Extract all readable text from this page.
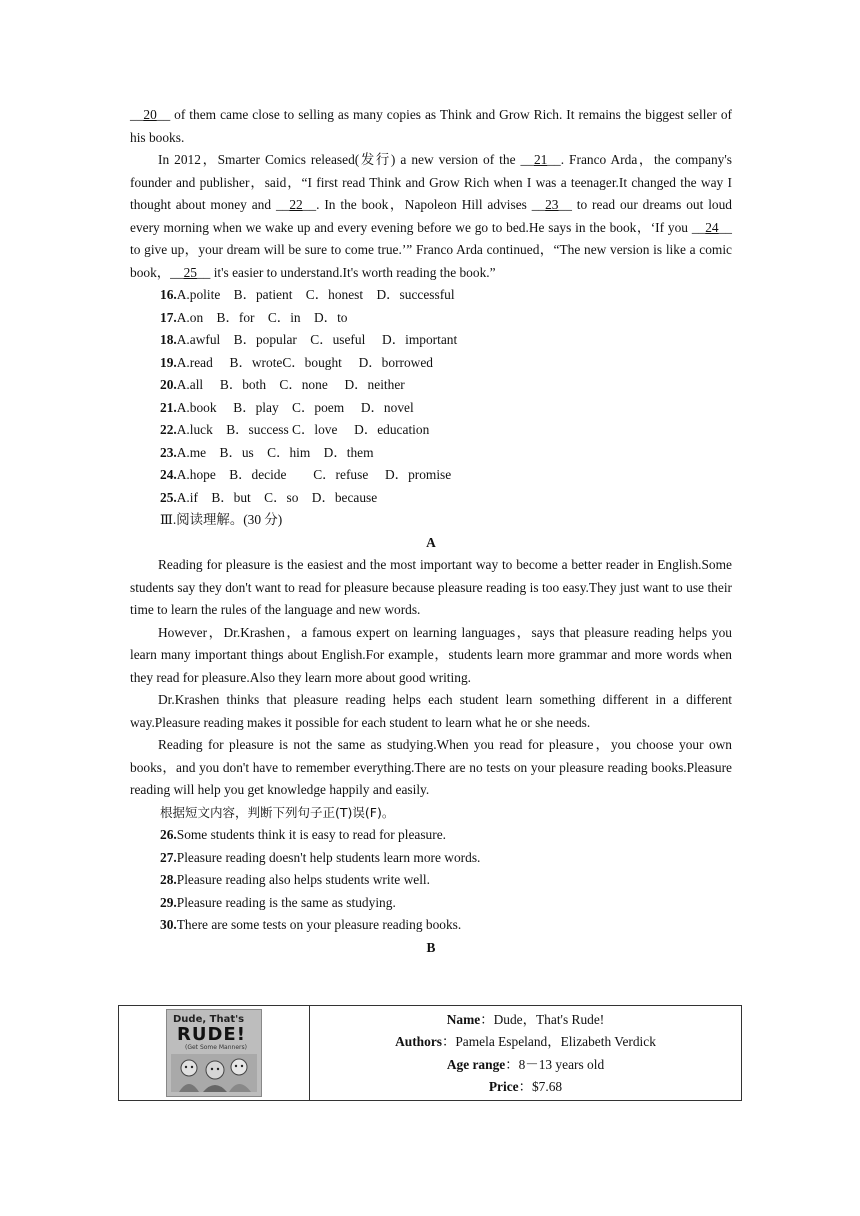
__20__ of them came close to selling as many copies as Think and Grow Rich. It remains the biggest seller of his books.

In 2012，Smarter Comics released(发行) a new version of the __21__. Franco Arda，the company's founder and publisher，said，“I first read Think and Grow Rich when I was a teenager.It changed the way I thought about money and __22__. In the book，Napoleon Hill advises __23__ to read our dreams out loud every morning when we wake up and every evening before we go to bed.He says in the book，‘If you __24__ to give up，your dream will be sure to come true.’” Franco Arda continued，“The new version is like a comic book，__25__ it's easier to understand.It's worth reading the book.”

16.A.polite　B．patient　C．honest　D．successful
17.A.on　B．for　C．in　D．to
18.A.awful　B．popular　C．useful　 D．important
19.A.read　 B．wroteC．bought　 D．borrowed
20.A.all　 B．both　C．none　 D．neither
21.A.book　 B．play　C．poem　 D．novel
22.A.luck　B．success C．love　 D．education
23.A.me　B．us　C．him　D．them
24.A.hope　B．decide　　C．refuse　 D．promise
25.A.if　B．but　C．so　D．because

Ⅲ.阅读理解。(30 分)

A

Reading for pleasure is the easiest and the most important way to become a better reader in English.Some students say they don't want to read for pleasure because pleasure reading is too easy.They just want to use their time to learn the rules of the language and new words.

However，Dr.Krashen，a famous expert on learning languages，says that pleasure reading helps you learn many important things about English.For example，students learn more grammar and more words when they read for pleasure.Also they learn more about good writing.

Dr.Krashen thinks that pleasure reading helps each student learn something different in a different way.Pleasure reading makes it possible for each student to learn what he or she needs.

Reading for pleasure is not the same as studying.When you read for pleasure，you choose your own books，and you don't have to remember everything.There are no tests on your pleasure reading books.Pleasure reading will help you get knowledge happily and easily.

根据短文内容，判断下列句子正(T)误(F)。

26.Some students think it is easy to read for pleasure.
27.Pleasure reading doesn't help students learn more words.
28.Pleasure reading also helps students write well.
29.Pleasure reading is the same as studying.
30.There are some tests on your pleasure reading books.

B

Dude, That's
RUDE!
(Get Some Manners)

Name：Dude，That's Rude!
Authors：Pamela Espeland，Elizabeth Verdick
Age range：8－13 years old
Price：$7.68
